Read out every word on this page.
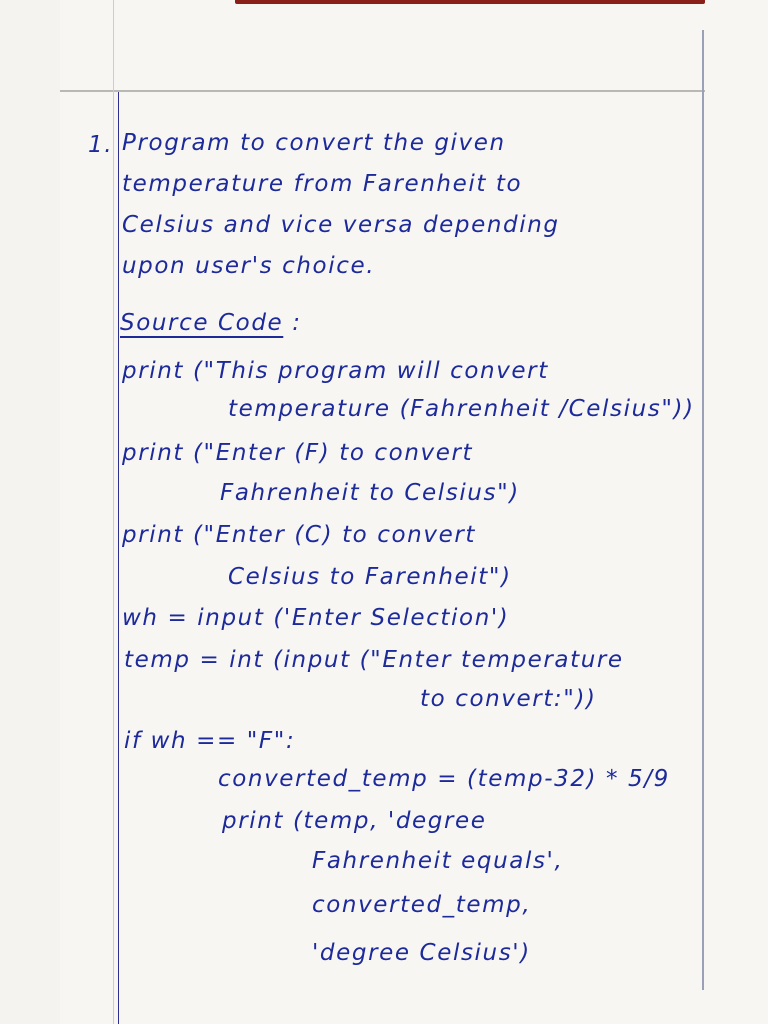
1. Program to convert the given
temperature from Farenheit to
Celsius and vice versa depending
upon user's choice.
Source Code :
print ("This program will convert
temperature (Fahrenheit /Celsius"))
print ("Enter (F) to convert
Fahrenheit to Celsius")
print ("Enter (C) to convert
Celsius to Farenheit")
wh = input ('Enter Selection')
temp = int (input ("Enter temperature
to convert:"))
if wh == "F":
converted_temp = (temp-32) * 5/9
print (temp, 'degree
Fahrenheit equals',
converted_temp,
'degree Celsius')
